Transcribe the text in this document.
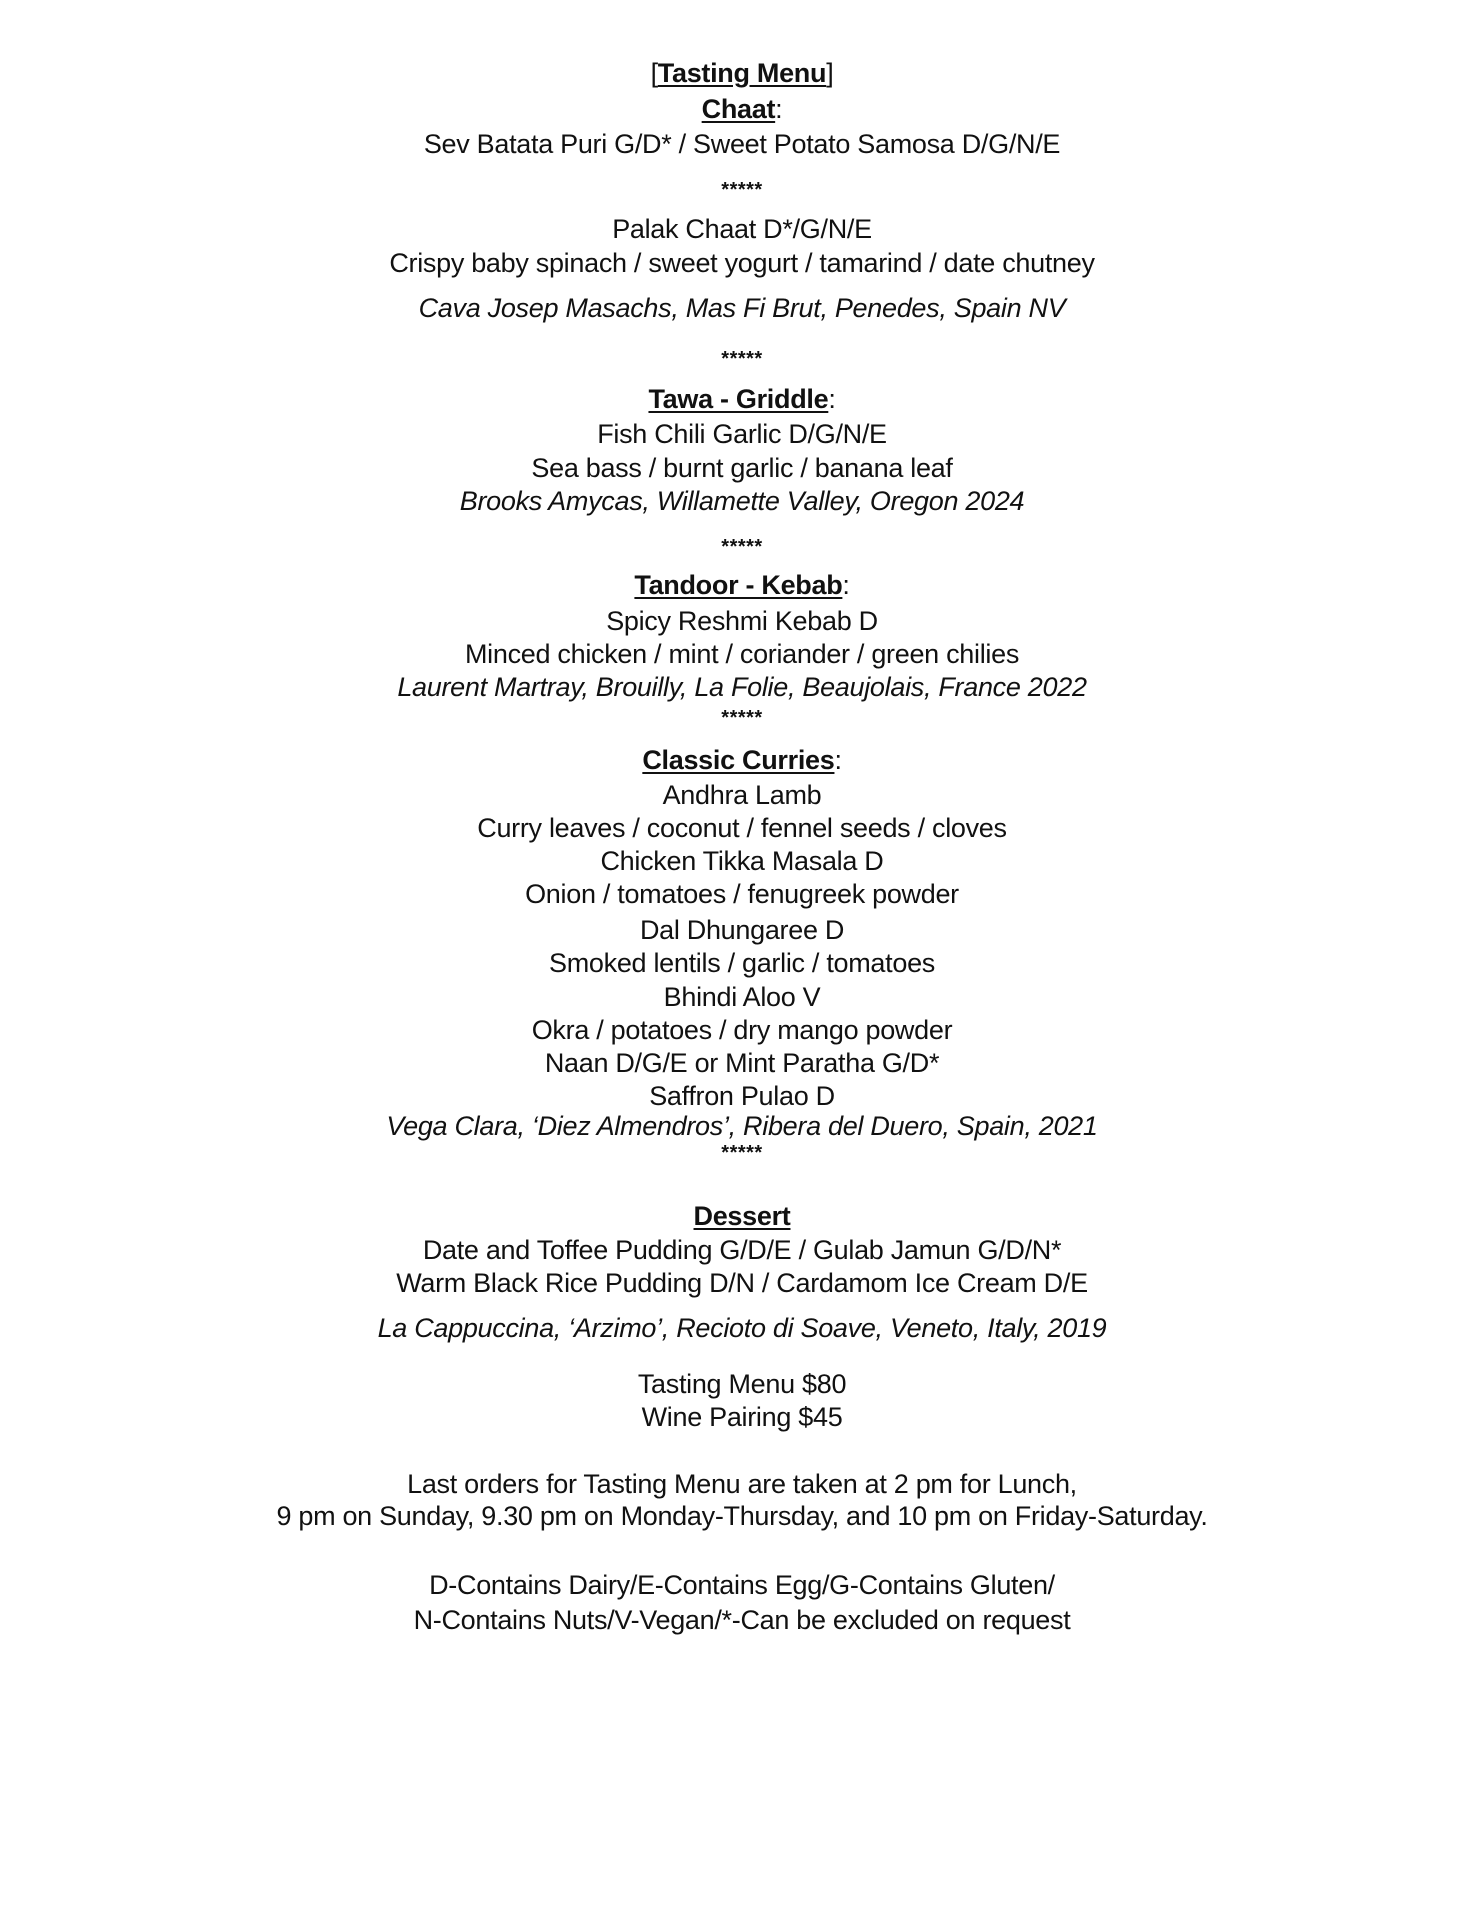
[Tasting Menu]
Chaat:
Sev Batata Puri G/D* / Sweet Potato Samosa D/G/N/E
*****
Palak Chaat D*/G/N/E
Crispy baby spinach / sweet yogurt / tamarind / date chutney
Cava Josep Masachs, Mas Fi Brut, Penedes, Spain NV
*****
Tawa - Griddle:
Fish Chili Garlic D/G/N/E
Sea bass / burnt garlic / banana leaf
Brooks Amycas, Willamette Valley, Oregon 2024
*****
Tandoor - Kebab:
Spicy Reshmi Kebab D
Minced chicken / mint / coriander / green chilies
Laurent Martray, Brouilly, La Folie, Beaujolais, France 2022
*****
Classic Curries:
Andhra Lamb
Curry leaves / coconut / fennel seeds / cloves
Chicken Tikka Masala D
Onion / tomatoes / fenugreek powder
Dal Dhungaree D
Smoked lentils / garlic / tomatoes
Bhindi Aloo V
Okra / potatoes / dry mango powder
Naan D/G/E or Mint Paratha G/D*
Saffron Pulao D
Vega Clara, ‘Diez Almendros’, Ribera del Duero, Spain, 2021
*****
Dessert
Date and Toffee Pudding G/D/E / Gulab Jamun G/D/N*
Warm Black Rice Pudding D/N / Cardamom Ice Cream D/E
La Cappuccina, ‘Arzimo’, Recioto di Soave, Veneto, Italy, 2019
Tasting Menu $80
Wine Pairing $45
Last orders for Tasting Menu are taken at 2 pm for Lunch,
9 pm on Sunday, 9.30 pm on Monday-Thursday, and 10 pm on Friday-Saturday.
D-Contains Dairy/E-Contains Egg/G-Contains Gluten/
N-Contains Nuts/V-Vegan/*-Can be excluded on request
